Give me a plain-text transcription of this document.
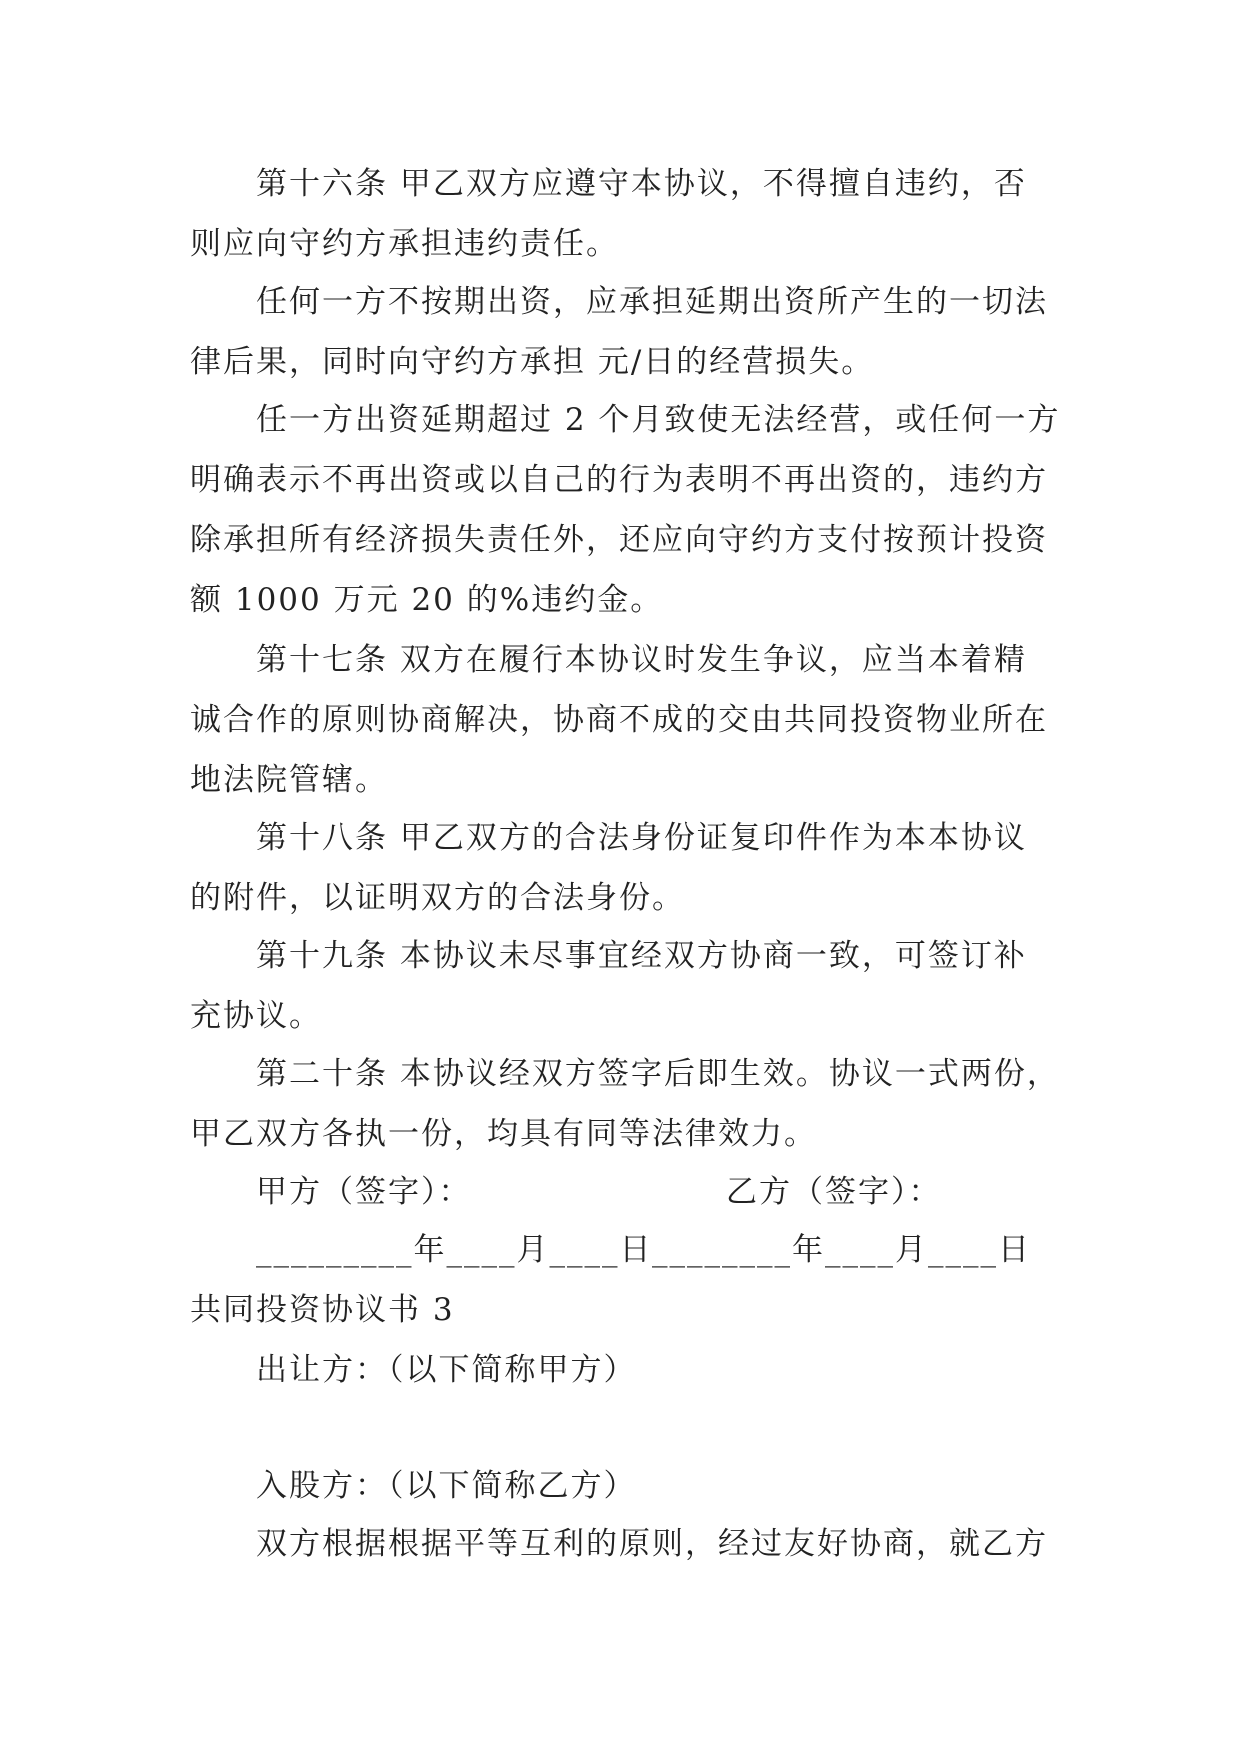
第十六条 甲乙双方应遵守本协议，不得擅自违约，否
则应向守约方承担违约责任。
任何一方不按期出资，应承担延期出资所产生的一切法
律后果，同时向守约方承担 元/日的经营损失。
任一方出资延期超过 2 个月致使无法经营，或任何一方
明确表示不再出资或以自己的行为表明不再出资的，违约方
除承担所有经济损失责任外，还应向守约方支付按预计投资
额 1000 万元 20 的%违约金。
第十七条 双方在履行本协议时发生争议，应当本着精
诚合作的原则协商解决，协商不成的交由共同投资物业所在
地法院管辖。
第十八条 甲乙双方的合法身份证复印件作为本本协议
的附件，以证明双方的合法身份。
第十九条 本协议未尽事宜经双方协商一致，可签订补
充协议。
第二十条 本协议经双方签字后即生效。协议一式两份，
甲乙双方各执一份，均具有同等法律效力。
甲方（签字）：	乙方（签字）：
_________年____月____日 ________年____月____日
共同投资协议书 3
出让方：（以下简称甲方）
入股方：（以下简称乙方）
双方根据根据平等互利的原则，经过友好协商，就乙方
